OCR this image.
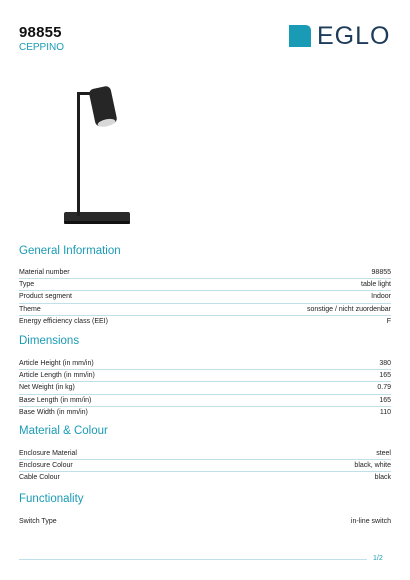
98855
CEPPINO	EGLO
General Information
Material number	98855
Type	table light
Product segment	Indoor
Theme	sonstige / nicht zuordenbar
Energy efficiency class (EEI)	F
Dimensions
Article Height (in mm/in)	380
Article Length (in mm/in)	165
Net Weight (in kg)	0.79
Base Length (in mm/in)	165
Base Width (in mm/in)	110
Material & Colour
Enclosure Material	steel
Enclosure Colour	black, white
Cable Colour	black
Functionality
Switch Type	in-line switch
1/2
